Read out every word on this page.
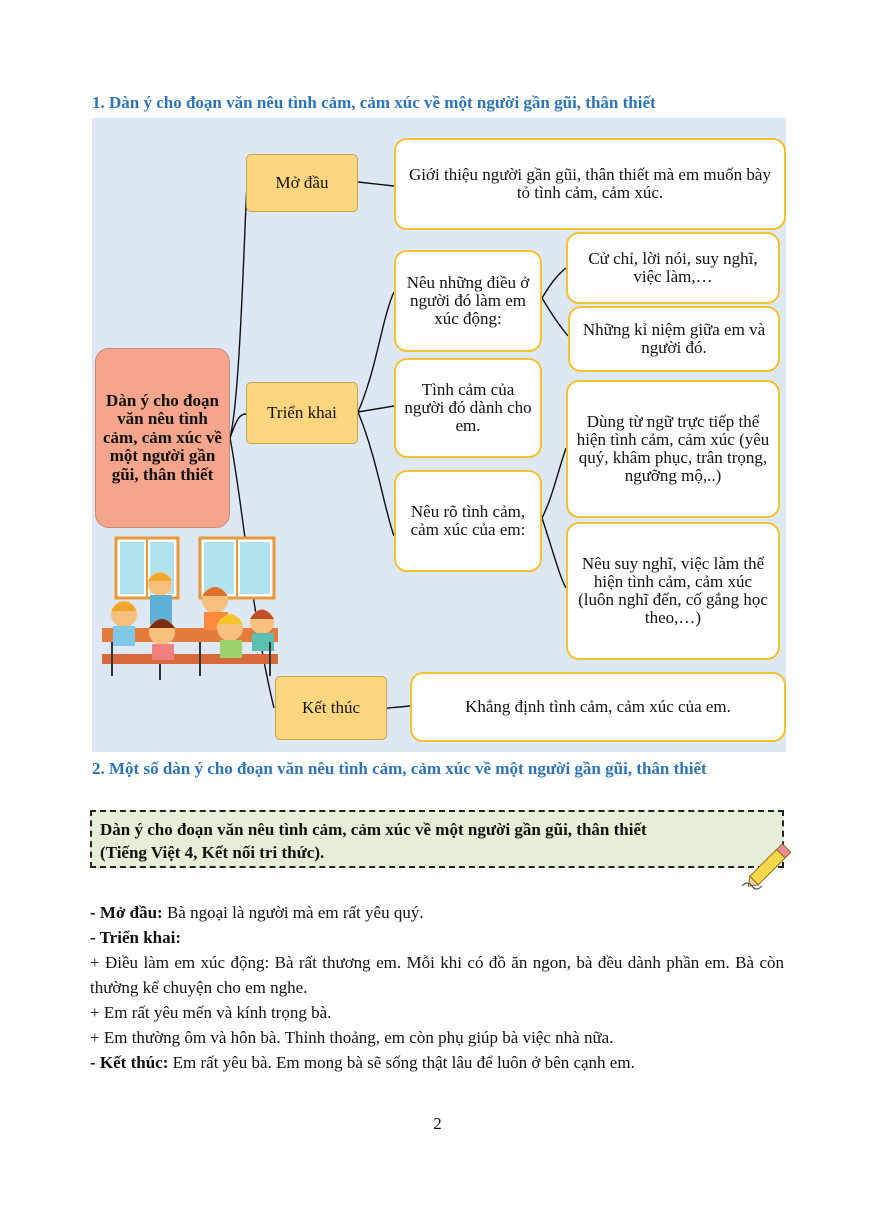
1. Dàn ý cho đoạn văn nêu tình cảm, cảm xúc về một người gần gũi, thân thiết
Dàn ý cho đoạn văn nêu tình cảm, cảm xúc về một người gần gũi, thân thiết
Mở đầu	Giới thiệu người gần gũi, thân thiết mà em muốn bày tỏ tình cảm, cảm xúc.
Triển khai
Nêu những điều ở người đó làm em xúc động:
Cử chỉ, lời nói, suy nghĩ, việc làm,…
Những kỉ niệm giữa em và người đó.
Tình cảm của người đó dành cho em.
Nêu rõ tình cảm, cảm xúc của em:
Dùng từ ngữ trực tiếp thể hiện tình cảm, cảm xúc (yêu quý, khâm phục, trân trọng, ngưỡng mộ,..)
Nêu suy nghĩ, việc làm thể hiện tình cảm, cảm xúc (luôn nghĩ đến, cố gắng học theo,…)
Kết thúc	Khẳng định tình cảm, cảm xúc của em.
2. Một số dàn ý cho đoạn văn nêu tình cảm, cảm xúc về một người gần gũi, thân thiết
Dàn ý cho đoạn văn nêu tình cảm, cảm xúc về một người gần gũi, thân thiết
(Tiếng Việt 4, Kết nối tri thức).

- Mở đầu: Bà ngoại là người mà em rất yêu quý.

- Triển khai:

+ Điều làm em xúc động: Bà rất thương em. Mỗi khi có đồ ăn ngon, bà đều dành phần em. Bà còn thường kể chuyện cho em nghe.

+ Em rất yêu mến và kính trọng bà.

+ Em thường ôm và hôn bà. Thỉnh thoảng, em còn phụ giúp bà việc nhà nữa.

- Kết thúc: Em rất yêu bà. Em mong bà sẽ sống thật lâu để luôn ở bên cạnh em.

2
